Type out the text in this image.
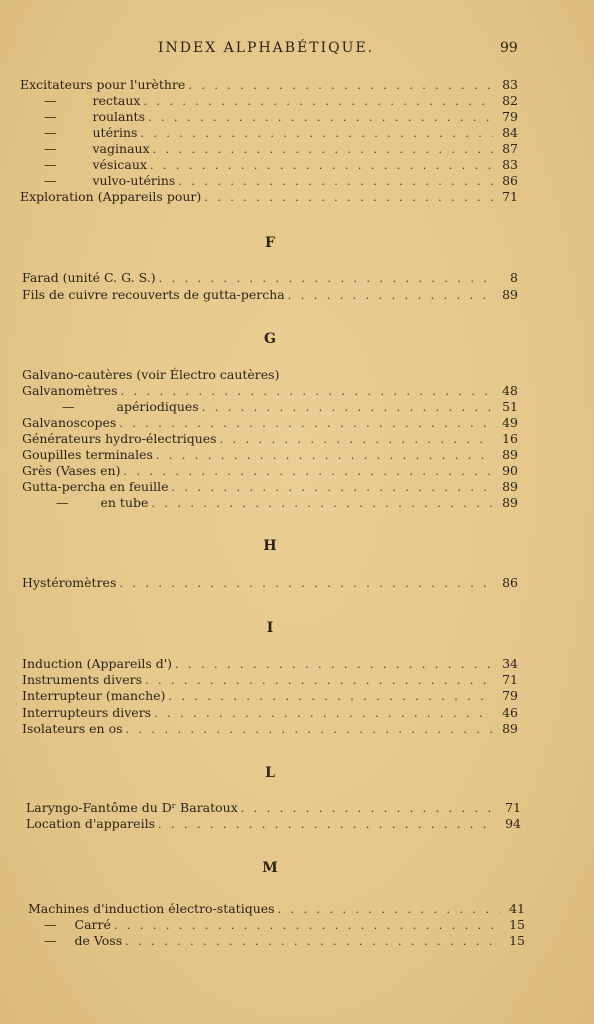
INDEX ALPHABÉTIQUE.	99
Excitateurs pour l'urèthre . . .	83
—	rectaux . . .	82
—	roulants . . .	79
—	utérins . . .	84
—	vaginaux . . .	87
—	vésicaux . . .	83
—	vulvo-utérins . . .	86
Exploration (Appareils pour) . . .	71
F
Farad (unité C. G. S.) . . .	8
Fils de cuivre recouverts de gutta-percha . . .	89
G
Galvano-cautères (voir Électro cautères)
Galvanomètres . . .	48
—	apériodiques . . .	51
Galvanoscopes . . .	49
Générateurs hydro-électriques . . .	16
Goupilles terminales . . .	89
Grès (Vases en) . . .	90
Gutta-percha en feuille . . .	89
—	en tube . . .	89
H
Hystéromètres . . .	86
I
Induction (Appareils d') . . .	34
Instruments divers . . .	71
Interrupteur (manche) . . .	79
Interrupteurs divers . . .	46
Isolateurs en os . . .	89
L
Laryngo-Fantôme du Dʳ Baratoux . . .	71
Location d'appareils . . .	94
M
Machines d'induction électro-statiques . . .	41
— Carré . . .	15
— de Voss . . .	15
